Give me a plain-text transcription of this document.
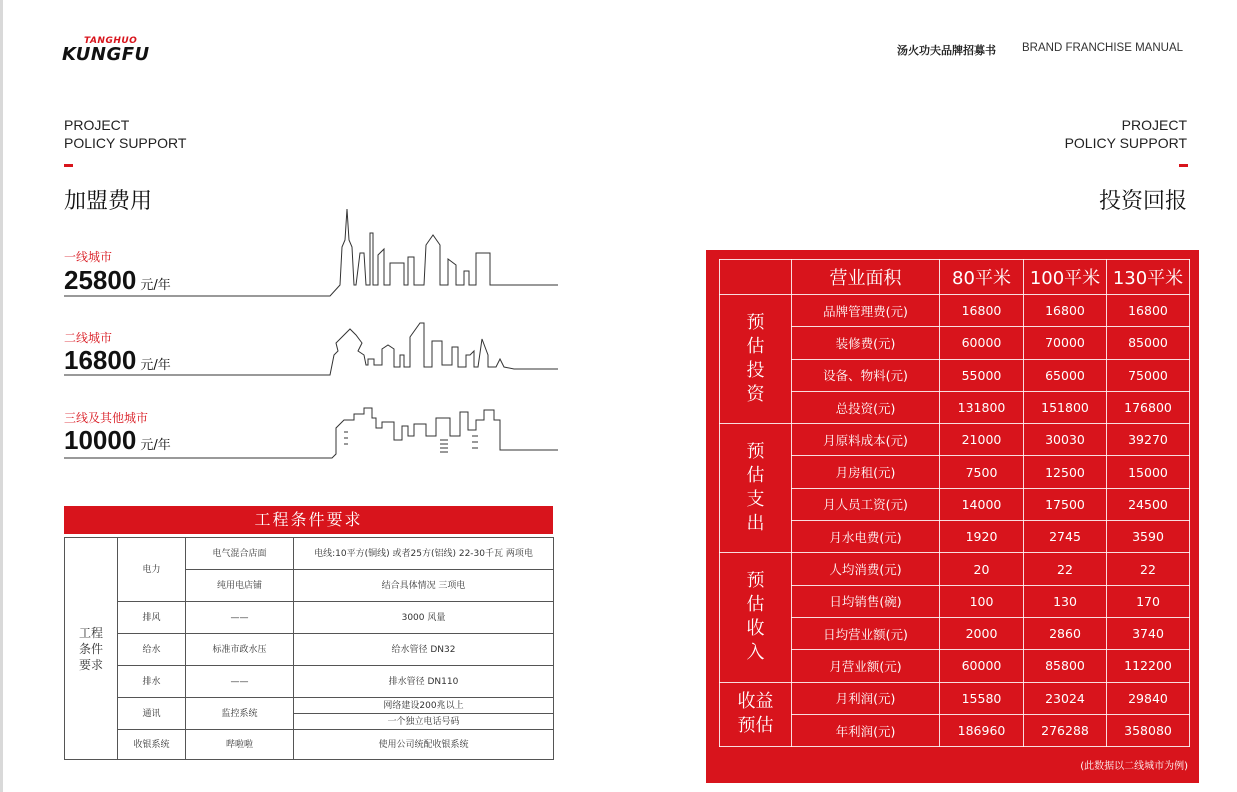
TANGHUO
KUNGFU	汤火功夫品牌招募书 BRAND FRANCHISE MANUAL
PROJECT
POLICY SUPPORT
加盟费用
一线城市
25800 元/年
二线城市
16800 元/年
三线及其他城市
10000 元/年
工程条件要求
工程
条件
要求	电力	电气混合店面	电线:10平方(铜线) 或者25方(铝线) 22-30千瓦 两项电
		纯用电店铺	结合具体情况 三项电
	排风	——	3000 风量
	给水	标准市政水压	给水管径 DN32
	排水	——	排水管径 DN110
	通讯	监控系统	网络建设200兆以上
			一个独立电话号码
	收银系统	哔啦啦	使用公司统配收银系统
PROJECT
POLICY SUPPORT
投资回报
	营业面积	80平米	100平米	130平米
预
估
投
资	品牌管理费(元)	16800	16800	16800
	装修费(元)	60000	70000	85000
	设备、物料(元)	55000	65000	75000
	总投资(元)	131800	151800	176800
预
估
支
出	月原料成本(元)	21000	30030	39270
	月房租(元)	7500	12500	15000
	月人员工资(元)	14000	17500	24500
	月水电费(元)	1920	2745	3590
预
估
收
入	人均消费(元)	20	22	22
	日均销售(碗)	100	130	170
	日均营业额(元)	2000	2860	3740
	月营业额(元)	60000	85800	112200
收益
预估	月利润(元)	15580	23024	29840
	年利润(元)	186960	276288	358080
(此数据以二线城市为例)
